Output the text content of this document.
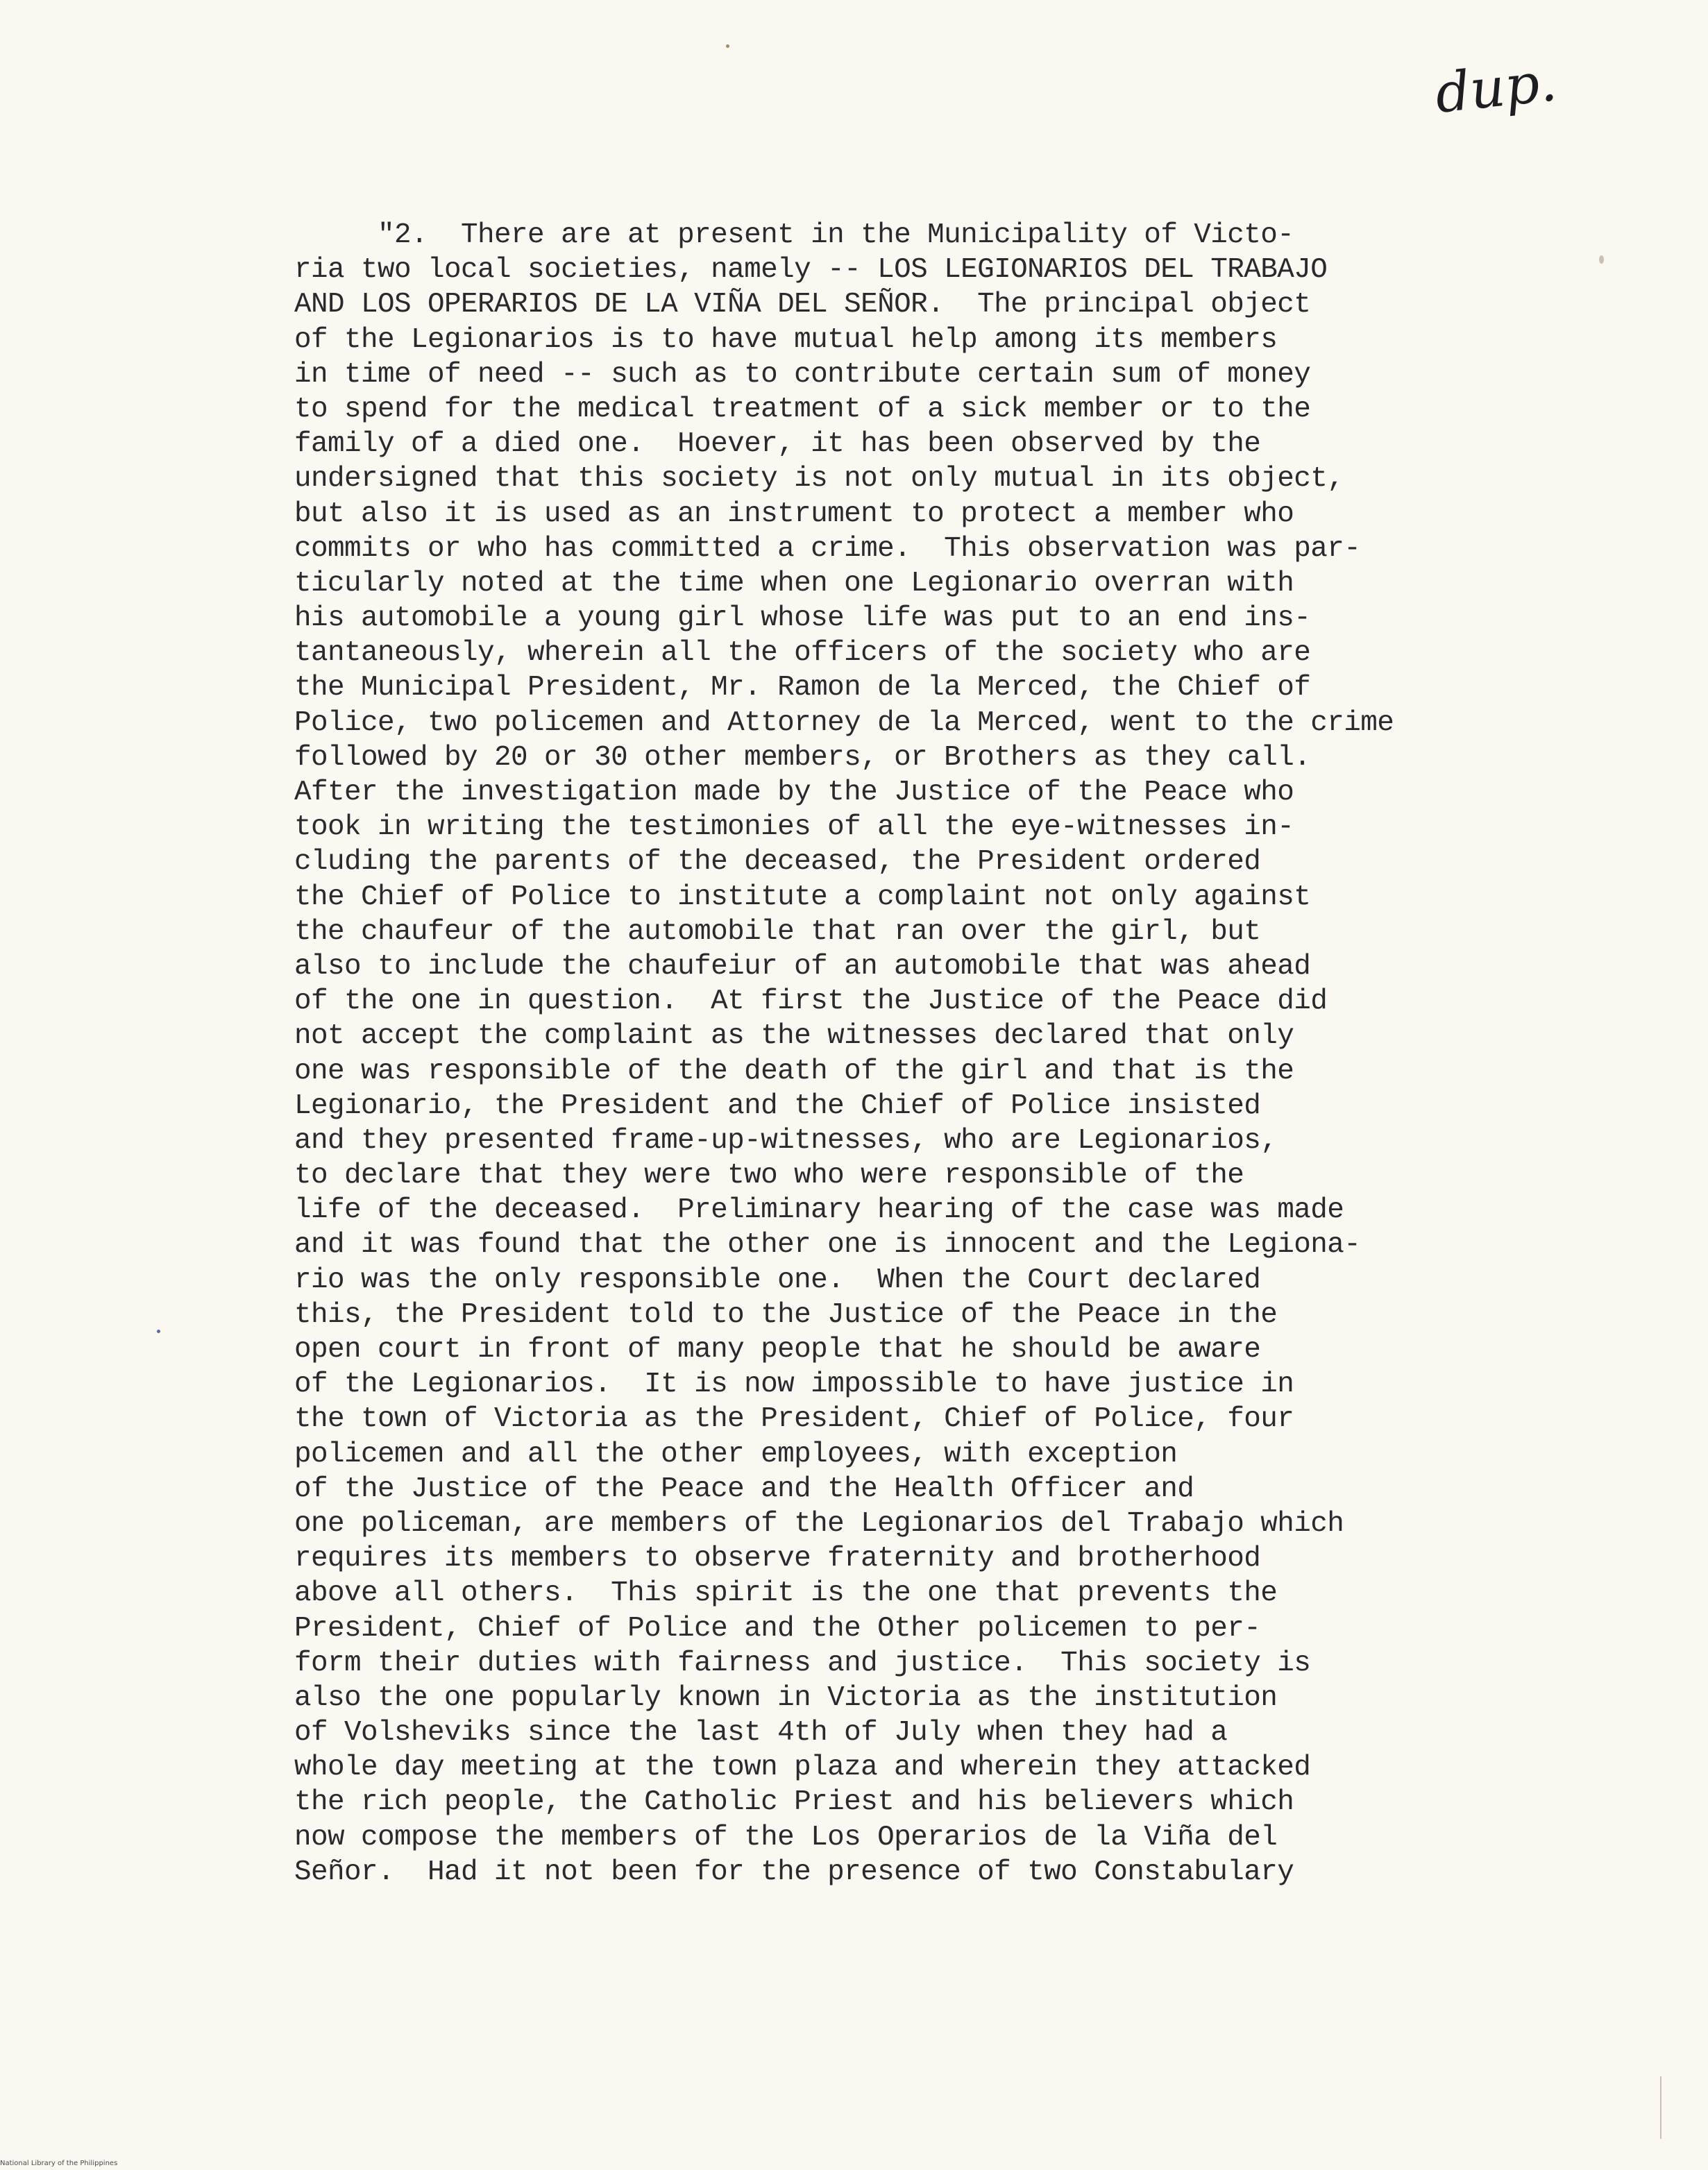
dup.
"2.  There are at present in the Municipality of Victo-
ria two local societies, namely -- LOS LEGIONARIOS DEL TRABAJO
AND LOS OPERARIOS DE LA VIÑA DEL SEÑOR.  The principal object
of the Legionarios is to have mutual help among its members
in time of need -- such as to contribute certain sum of money
to spend for the medical treatment of a sick member or to the
family of a died one.  Hoever, it has been observed by the
undersigned that this society is not only mutual in its object,
but also it is used as an instrument to protect a member who
commits or who has committed a crime.  This observation was par-
ticularly noted at the time when one Legionario overran with
his automobile a young girl whose life was put to an end ins-
tantaneously, wherein all the officers of the society who are
the Municipal President, Mr. Ramon de la Merced, the Chief of
Police, two policemen and Attorney de la Merced, went to the crime
followed by 20 or 30 other members, or Brothers as they call.
After the investigation made by the Justice of the Peace who
took in writing the testimonies of all the eye-witnesses in-
cluding the parents of the deceased, the President ordered
the Chief of Police to institute a complaint not only against
the chaufeur of the automobile that ran over the girl, but
also to include the chaufeiur of an automobile that was ahead
of the one in question.  At first the Justice of the Peace did
not accept the complaint as the witnesses declared that only
one was responsible of the death of the girl and that is the
Legionario, the President and the Chief of Police insisted
and they presented frame-up-witnesses, who are Legionarios,
to declare that they were two who were responsible of the
life of the deceased.  Preliminary hearing of the case was made
and it was found that the other one is innocent and the Legiona-
rio was the only responsible one.  When the Court declared
this, the President told to the Justice of the Peace in the
open court in front of many people that he should be aware
of the Legionarios.  It is now impossible to have justice in
the town of Victoria as the President, Chief of Police, four
policemen and all the other employees, with exception
of the Justice of the Peace and the Health Officer and
one policeman, are members of the Legionarios del Trabajo which
requires its members to observe fraternity and brotherhood
above all others.  This spirit is the one that prevents the
President, Chief of Police and the Other policemen to per-
form their duties with fairness and justice.  This society is
also the one popularly known in Victoria as the institution
of Volsheviks since the last 4th of July when they had a
whole day meeting at the town plaza and wherein they attacked
the rich people, the Catholic Priest and his believers which
now compose the members of the Los Operarios de la Viña del
Señor.  Had it not been for the presence of two Constabulary
National Library of the Philippines
